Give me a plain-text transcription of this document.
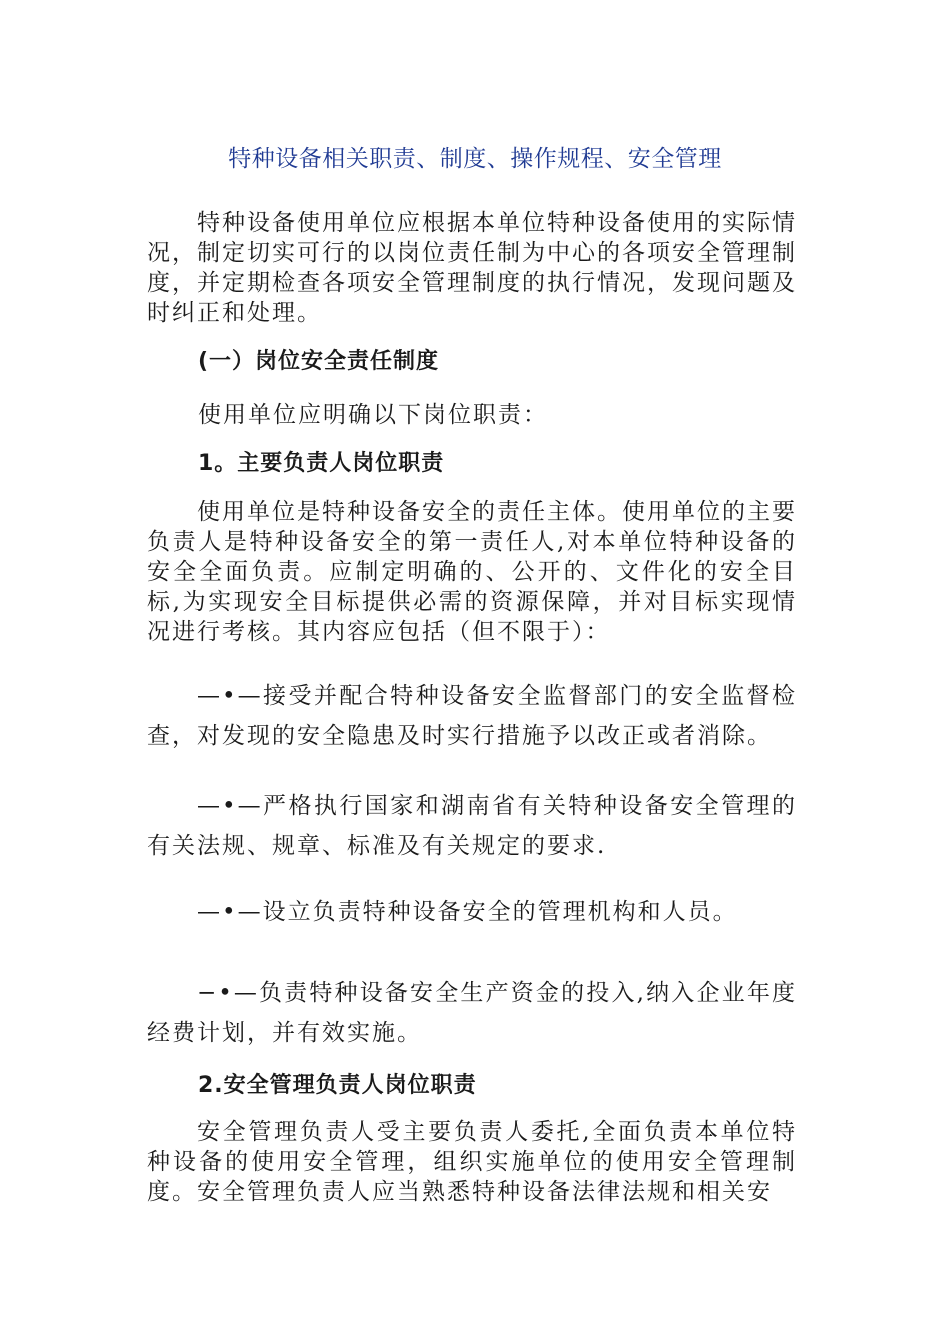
特种设备相关职责、制度、操作规程、安全管理

特种设备使用单位应根据本单位特种设备使用的实际情况，制定切实可行的以岗位责任制为中心的各项安全管理制度，并定期检查各项安全管理制度的执行情况，发现问题及时纠正和处理。

(一）岗位安全责任制度

使用单位应明确以下岗位职责：

1。主要负责人岗位职责

使用单位是特种设备安全的责任主体。使用单位的主要负责人是特种设备安全的第一责任人,对本单位特种设备的安全全面负责。应制定明确的、公开的、文件化的安全目标,为实现安全目标提供必需的资源保障，并对目标实现情况进行考核。其内容应包括（但不限于）：

—•—接受并配合特种设备安全监督部门的安全监督检查，对发现的安全隐患及时实行措施予以改正或者消除。

—•—严格执行国家和湖南省有关特种设备安全管理的有关法规、规章、标准及有关规定的要求.

—•—设立负责特种设备安全的管理机构和人员。

−•—负责特种设备安全生产资金的投入,纳入企业年度经费计划，并有效实施。

2.安全管理负责人岗位职责

安全管理负责人受主要负责人委托,全面负责本单位特种设备的使用安全管理，组织实施单位的使用安全管理制度。安全管理负责人应当熟悉特种设备法律法规和相关安
